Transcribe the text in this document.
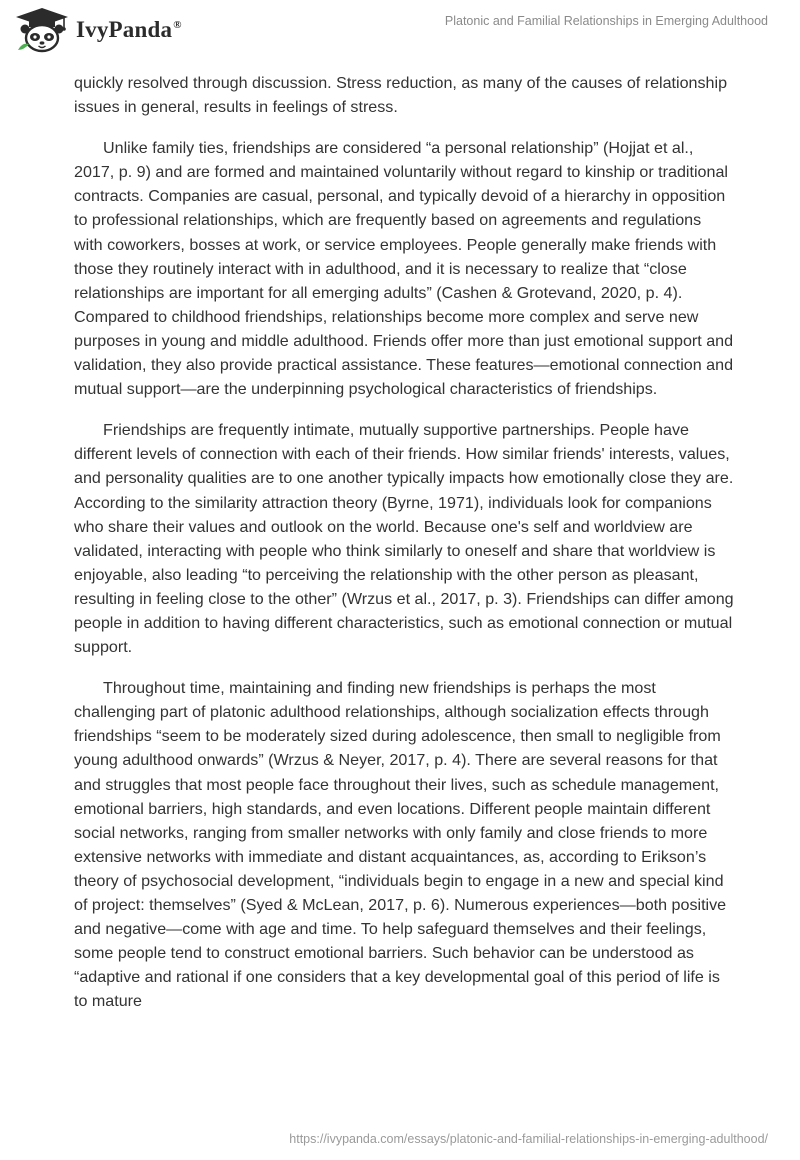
IvyPanda®	Platonic and Familial Relationships in Emerging Adulthood

quickly resolved through discussion. Stress reduction, as many of the causes of relationship issues in general, results in feelings of stress.

Unlike family ties, friendships are considered “a personal relationship” (Hojjat et al., 2017, p. 9) and are formed and maintained voluntarily without regard to kinship or traditional contracts. Companies are casual, personal, and typically devoid of a hierarchy in opposition to professional relationships, which are frequently based on agreements and regulations with coworkers, bosses at work, or service employees. People generally make friends with those they routinely interact with in adulthood, and it is necessary to realize that “close relationships are important for all emerging adults” (Cashen & Grotevand, 2020, p. 4). Compared to childhood friendships, relationships become more complex and serve new purposes in young and middle adulthood. Friends offer more than just emotional support and validation, they also provide practical assistance. These features—emotional connection and mutual support—are the underpinning psychological characteristics of friendships.

Friendships are frequently intimate, mutually supportive partnerships. People have different levels of connection with each of their friends. How similar friends' interests, values, and personality qualities are to one another typically impacts how emotionally close they are. According to the similarity attraction theory (Byrne, 1971), individuals look for companions who share their values and outlook on the world. Because one's self and worldview are validated, interacting with people who think similarly to oneself and share that worldview is enjoyable, also leading “to perceiving the relationship with the other person as pleasant, resulting in feeling close to the other” (Wrzus et al., 2017, p. 3). Friendships can differ among people in addition to having different characteristics, such as emotional connection or mutual support.

Throughout time, maintaining and finding new friendships is perhaps the most challenging part of platonic adulthood relationships, although socialization effects through friendships “seem to be moderately sized during adolescence, then small to negligible from young adulthood onwards” (Wrzus & Neyer, 2017, p. 4). There are several reasons for that and struggles that most people face throughout their lives, such as schedule management, emotional barriers, high standards, and even locations. Different people maintain different social networks, ranging from smaller networks with only family and close friends to more extensive networks with immediate and distant acquaintances, as, according to Erikson’s theory of psychosocial development, “individuals begin to engage in a new and special kind of project: themselves” (Syed & McLean, 2017, p. 6). Numerous experiences—both positive and negative—come with age and time. To help safeguard themselves and their feelings, some people tend to construct emotional barriers. Such behavior can be understood as “adaptive and rational if one considers that a key developmental goal of this period of life is to mature

https://ivypanda.com/essays/platonic-and-familial-relationships-in-emerging-adulthood/
